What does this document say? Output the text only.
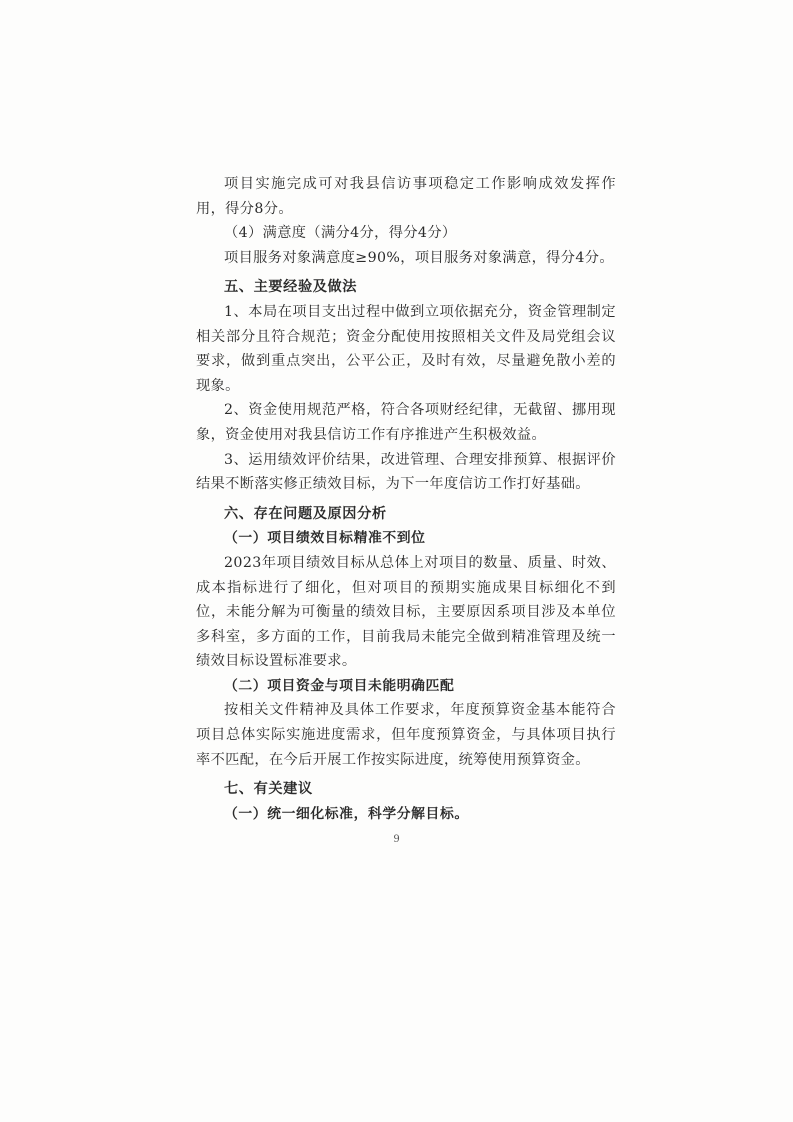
项目实施完成可对我县信访事项稳定工作影响成效发挥作用，得分8分。

（4）满意度（满分4分，得分4分）

项目服务对象满意度≥90%，项目服务对象满意，得分4分。

五、主要经验及做法

1、本局在项目支出过程中做到立项依据充分，资金管理制定相关部分且符合规范；资金分配使用按照相关文件及局党组会议要求，做到重点突出，公平公正，及时有效，尽量避免散小差的现象。

2、资金使用规范严格，符合各项财经纪律，无截留、挪用现象，资金使用对我县信访工作有序推进产生积极效益。

3、运用绩效评价结果，改进管理、合理安排预算、根据评价结果不断落实修正绩效目标，为下一年度信访工作打好基础。

六、存在问题及原因分析

（一）项目绩效目标精准不到位

2023年项目绩效目标从总体上对项目的数量、质量、时效、成本指标进行了细化，但对项目的预期实施成果目标细化不到位，未能分解为可衡量的绩效目标，主要原因系项目涉及本单位多科室，多方面的工作，目前我局未能完全做到精准管理及统一绩效目标设置标准要求。

（二）项目资金与项目未能明确匹配

按相关文件精神及具体工作要求，年度预算资金基本能符合项目总体实际实施进度需求，但年度预算资金，与具体项目执行率不匹配，在今后开展工作按实际进度，统筹使用预算资金。

七、有关建议

（一）统一细化标准，科学分解目标。

9
